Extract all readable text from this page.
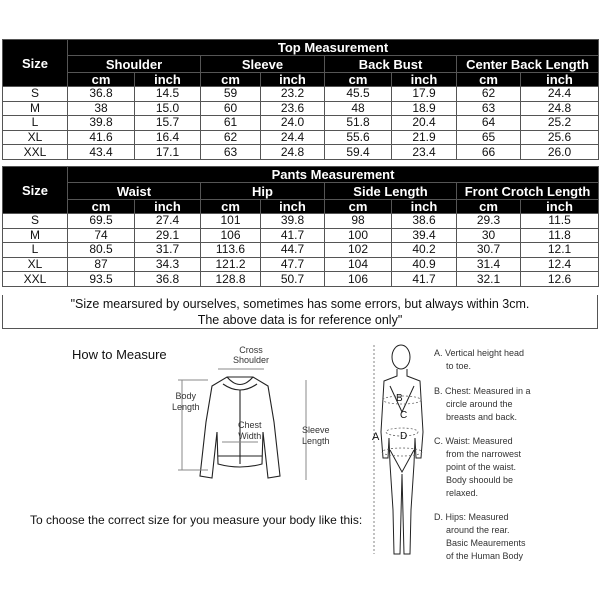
Size	Top Measurement							
	Shoulder		Sleeve		Back Bust		Center Back Length	
	cm	inch	cm	inch	cm	inch	cm	inch
S	36.8	14.5	59	23.2	45.5	17.9	62	24.4
M	38	15.0	60	23.6	48	18.9	63	24.8
L	39.8	15.7	61	24.0	51.8	20.4	64	25.2
XL	41.6	16.4	62	24.4	55.6	21.9	65	25.6
XXL	43.4	17.1	63	24.8	59.4	23.4	66	26.0
Size	Pants Measurement							
	Waist		Hip		Side Length		Front Crotch Length	
	cm	inch	cm	inch	cm	inch	cm	inch
S	69.5	27.4	101	39.8	98	38.6	29.3	11.5
M	74	29.1	106	41.7	100	39.4	30	11.8
L	80.5	31.7	113.6	44.7	102	40.2	30.7	12.1
XL	87	34.3	121.2	47.7	104	40.9	31.4	12.4
XXL	93.5	36.8	128.8	50.7	106	41.7	32.1	12.6
"Size mearsured by ourselves, sometimes has some errors, but always within 3cm.
The above data is for reference only"
How to Measure	Cross
Shoulder
Body
Length
Chest
Width
Sleeve
Length
To choose the correct size for you measure your body like this:
A
B
C
D
A. Vertical height head
to toe.
B. Chest: Measured in a
circle around the
breasts and back.
C. Waist: Measured
from the narrowest
point of the waist.
Body shoould be
relaxed.
D. Hips: Measured
around the rear.
Basic Meaurements
of the Human Body
